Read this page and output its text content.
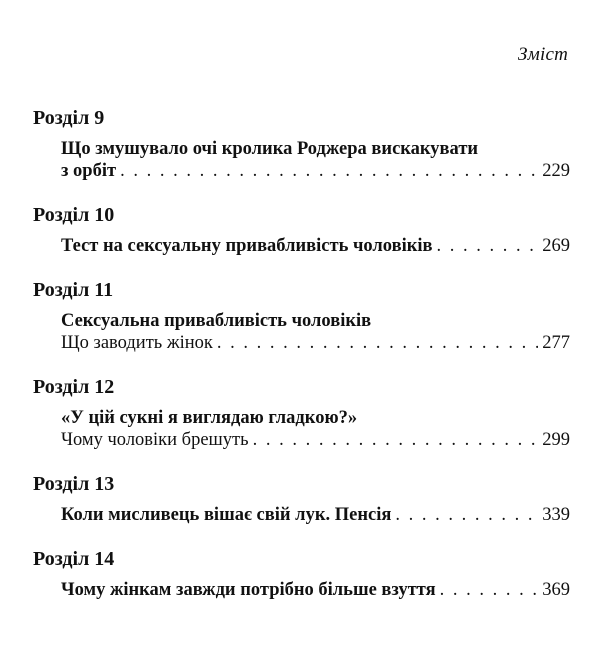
Зміст
Розділ 9
Що змушувало очі кролика Роджера вискакувати
з орбіт . . .	229
Розділ 10
Тест на сексуальну привабливість чоловіків . . .	269
Розділ 11
Сексуальна привабливість чоловіків
Що заводить жінок . . .	277
Розділ 12
«У цій сукні я виглядаю гладкою?»
Чому чоловіки брешуть . . .	299
Розділ 13
Коли мисливець вішає свій лук. Пенсія . . .	339
Розділ 14
Чому жінкам завжди потрібно більше взуття . . .	369
